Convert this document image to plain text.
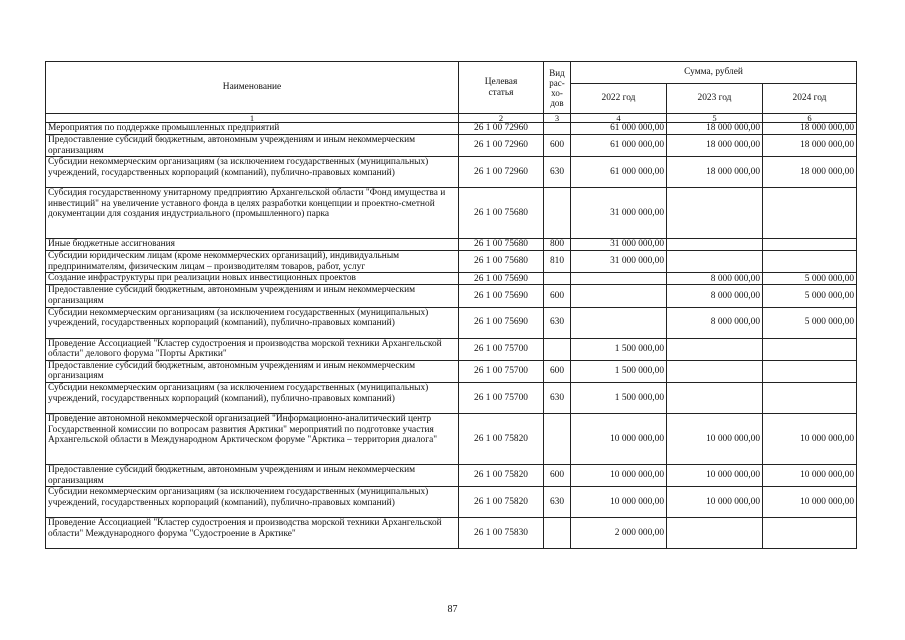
Наименование	Целевая статья	Вид рас-хо-дов	Сумма, рублей		
			2022 год	2023 год	2024 год
1	2	3	4	5	6
Мероприятия по поддержке промышленных предприятий	26 1 00 72960		61 000 000,00	18 000 000,00	18 000 000,00
Предоставление субсидий бюджетным, автономным учреждениям и иным некоммерческим организациям	26 1 00 72960	600	61 000 000,00	18 000 000,00	18 000 000,00
Субсидии некоммерческим организациям (за исключением государственных (муниципальных) учреждений, государственных корпораций (компаний), публично-правовых компаний)	26 1 00 72960	630	61 000 000,00	18 000 000,00	18 000 000,00
Субсидия государственному унитарному предприятию Архангельской области "Фонд имущества и инвестиций" на увеличение уставного фонда в целях разработки концепции и проектно-сметной документации для создания индустриального (промышленного) парка	26 1 00 75680		31 000 000,00		
Иные бюджетные ассигнования	26 1 00 75680	800	31 000 000,00		
Субсидии юридическим лицам (кроме некоммерческих организаций), индивидуальным предпринимателям, физическим лицам – производителям товаров, работ, услуг	26 1 00 75680	810	31 000 000,00		
Создание инфраструктуры при реализации новых инвестиционных проектов	26 1 00 75690			8 000 000,00	5 000 000,00
Предоставление субсидий бюджетным, автономным учреждениям и иным некоммерческим организациям	26 1 00 75690	600		8 000 000,00	5 000 000,00
Субсидии некоммерческим организациям (за исключением государственных (муниципальных) учреждений, государственных корпораций (компаний), публично-правовых компаний)	26 1 00 75690	630		8 000 000,00	5 000 000,00
Проведение Ассоциацией "Кластер судостроения и производства морской техники Архангельской области" делового форума "Порты Арктики"	26 1 00 75700		1 500 000,00		
Предоставление субсидий бюджетным, автономным учреждениям и иным некоммерческим организациям	26 1 00 75700	600	1 500 000,00		
Субсидии некоммерческим организациям (за исключением государственных (муниципальных) учреждений, государственных корпораций (компаний), публично-правовых компаний)	26 1 00 75700	630	1 500 000,00		
Проведение автономной некоммерческой организацией "Информационно-аналитический центр Государственной комиссии по вопросам развития Арктики" мероприятий по подготовке участия Архангельской области в Международном Арктическом форуме "Арктика – территория диалога"	26 1 00 75820		10 000 000,00	10 000 000,00	10 000 000,00
Предоставление субсидий бюджетным, автономным учреждениям и иным некоммерческим организациям	26 1 00 75820	600	10 000 000,00	10 000 000,00	10 000 000,00
Субсидии некоммерческим организациям (за исключением государственных (муниципальных) учреждений, государственных корпораций (компаний), публично-правовых компаний)	26 1 00 75820	630	10 000 000,00	10 000 000,00	10 000 000,00
Проведение Ассоциацией "Кластер судостроения и производства морской техники Архангельской области" Международного форума "Судостроение в Арктике"	26 1 00 75830		2 000 000,00		
87
